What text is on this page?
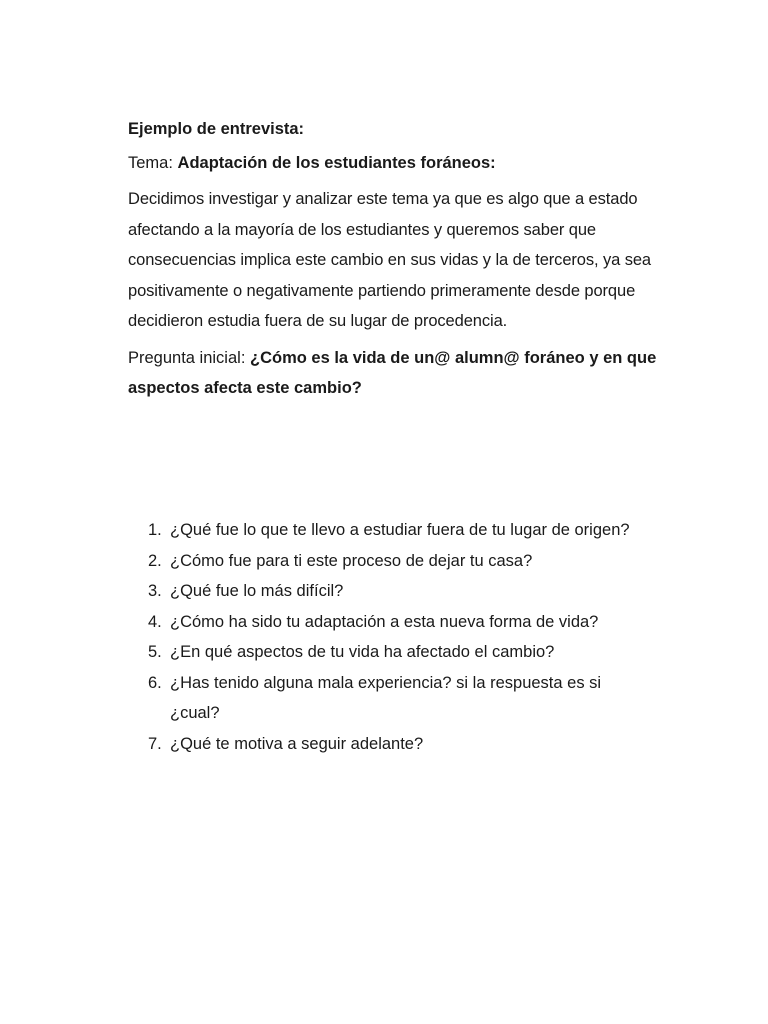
Ejemplo de entrevista:

Tema: Adaptación de los estudiantes foráneos:

Decidimos investigar y analizar este tema ya que es algo que a estado afectando a la mayoría de los estudiantes y queremos saber que consecuencias implica este cambio en sus vidas y la de terceros, ya sea positivamente o negativamente partiendo primeramente desde porque decidieron estudia fuera de su lugar de procedencia.

Pregunta inicial: ¿Cómo es la vida de un@ alumn@ foráneo y en que aspectos afecta este cambio?

1. ¿Qué fue lo que te llevo a estudiar fuera de tu lugar de origen?
2. ¿Cómo fue para ti este proceso de dejar tu casa?
3. ¿Qué fue lo más difícil?
4. ¿Cómo ha sido tu adaptación a esta nueva forma de vida?
5. ¿En qué aspectos de tu vida ha afectado el cambio?
6. ¿Has tenido alguna mala experiencia? si la respuesta es si ¿cual?
7. ¿Qué te motiva a seguir adelante?
